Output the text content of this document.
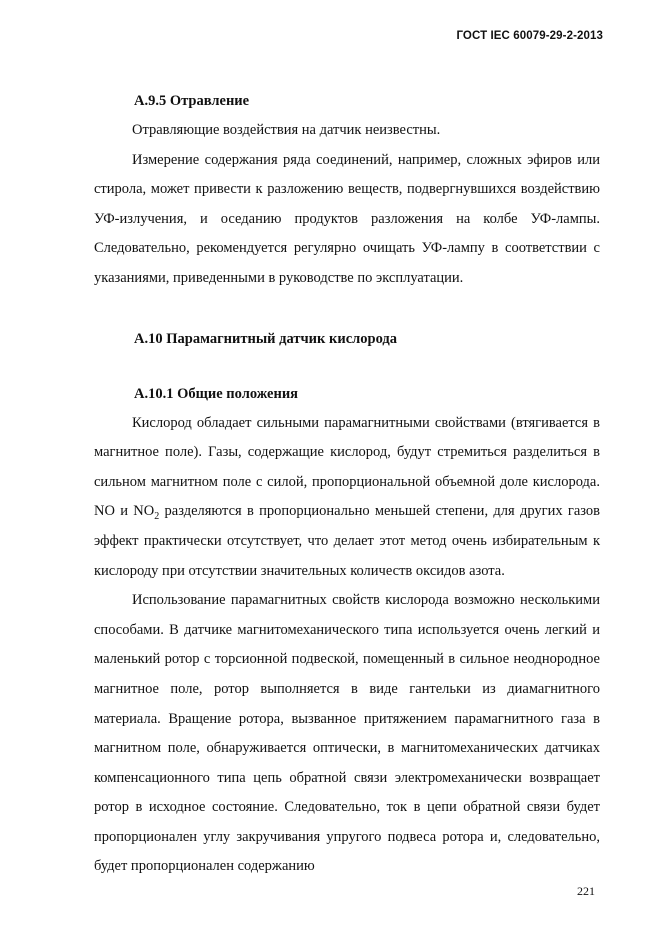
ГОСТ IEC 60079-29-2-2013

А.9.5 Отравление

Отравляющие воздействия на датчик неизвестны.

Измерение содержания ряда соединений, например, сложных эфиров или стирола, может привести к разложению веществ, подвергнувшихся воздействию УФ-излучения, и оседанию продуктов разложения на колбе УФ-лампы. Следовательно, рекомендуется регулярно очищать УФ-лампу в соответствии с указаниями, приведенными в руководстве по эксплуатации.

А.10 Парамагнитный датчик кислорода

А.10.1 Общие положения

Кислород обладает сильными парамагнитными свойствами (втягивается в магнитное поле). Газы, содержащие кислород, будут стремиться разделиться в сильном магнитном поле с силой, пропорциональной объемной доле кислорода. NO и $NO_2$ разделяются в пропорционально меньшей степени, для других газов эффект практически отсутствует, что делает этот метод очень избирательным к кислороду при отсутствии значительных количеств оксидов азота.

Использование парамагнитных свойств кислорода возможно несколькими способами. В датчике магнитомеханического типа используется очень легкий и маленький ротор с торсионной подвеской, помещенный в сильное неоднородное магнитное поле, ротор выполняется в виде гантельки из диамагнитного материала. Вращение ротора, вызванное притяжением парамагнитного газа в магнитном поле, обнаруживается оптически, в магнитомеханических датчиках компенсационного типа цепь обратной связи электромеханически возвращает ротор в исходное состояние. Следовательно, ток в цепи обратной связи будет пропорционален углу закручивания упругого подвеса ротора и, следовательно, будет пропорционален содержанию

221
